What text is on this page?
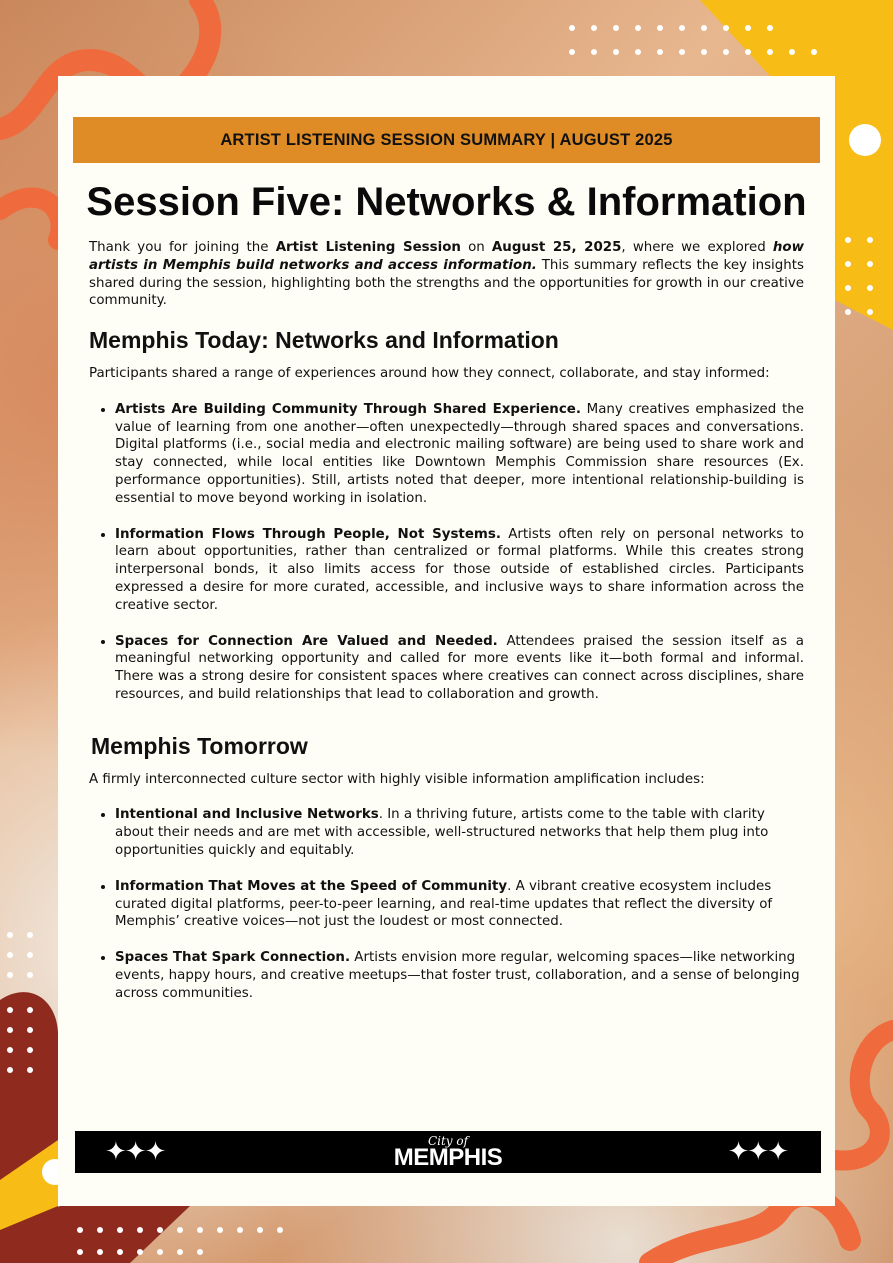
ARTIST LISTENING SESSION SUMMARY | AUGUST 2025
Session Five: Networks & Information

Thank you for joining the Artist Listening Session on August 25, 2025, where we explored how artists in Memphis build networks and access information. This summary reflects the key insights shared during the session, highlighting both the strengths and the opportunities for growth in our creative community.

Memphis Today: Networks and Information

Participants shared a range of experiences around how they connect, collaborate, and stay informed:

• Artists Are Building Community Through Shared Experience. Many creatives emphasized the value of learning from one another—often unexpectedly—through shared spaces and conversations. Digital platforms (i.e., social media and electronic mailing software) are being used to share work and stay connected, while local entities like Downtown Memphis Commission share resources (Ex. performance opportunities). Still, artists noted that deeper, more intentional relationship-building is essential to move beyond working in isolation.
• Information Flows Through People, Not Systems. Artists often rely on personal networks to learn about opportunities, rather than centralized or formal platforms. While this creates strong interpersonal bonds, it also limits access for those outside of established circles. Participants expressed a desire for more curated, accessible, and inclusive ways to share information across the creative sector.
• Spaces for Connection Are Valued and Needed. Attendees praised the session itself as a meaningful networking opportunity and called for more events like it—both formal and informal. There was a strong desire for consistent spaces where creatives can connect across disciplines, share resources, and build relationships that lead to collaboration and growth.
Memphis Tomorrow

A firmly interconnected culture sector with highly visible information amplification includes:

• Intentional and Inclusive Networks. In a thriving future, artists come to the table with clarity about their needs and are met with accessible, well-structured networks that help them plug into opportunities quickly and equitably.
• Information That Moves at the Speed of Community. A vibrant creative ecosystem includes curated digital platforms, peer-to-peer learning, and real-time updates that reflect the diversity of Memphis’ creative voices—not just the loudest or most connected.
• Spaces That Spark Connection. Artists envision more regular, welcoming spaces—like networking events, happy hours, and creative meetups—that foster trust, collaboration, and a sense of belonging across communities.
✦✦✦	City of
MEMPHIS	✦✦✦
